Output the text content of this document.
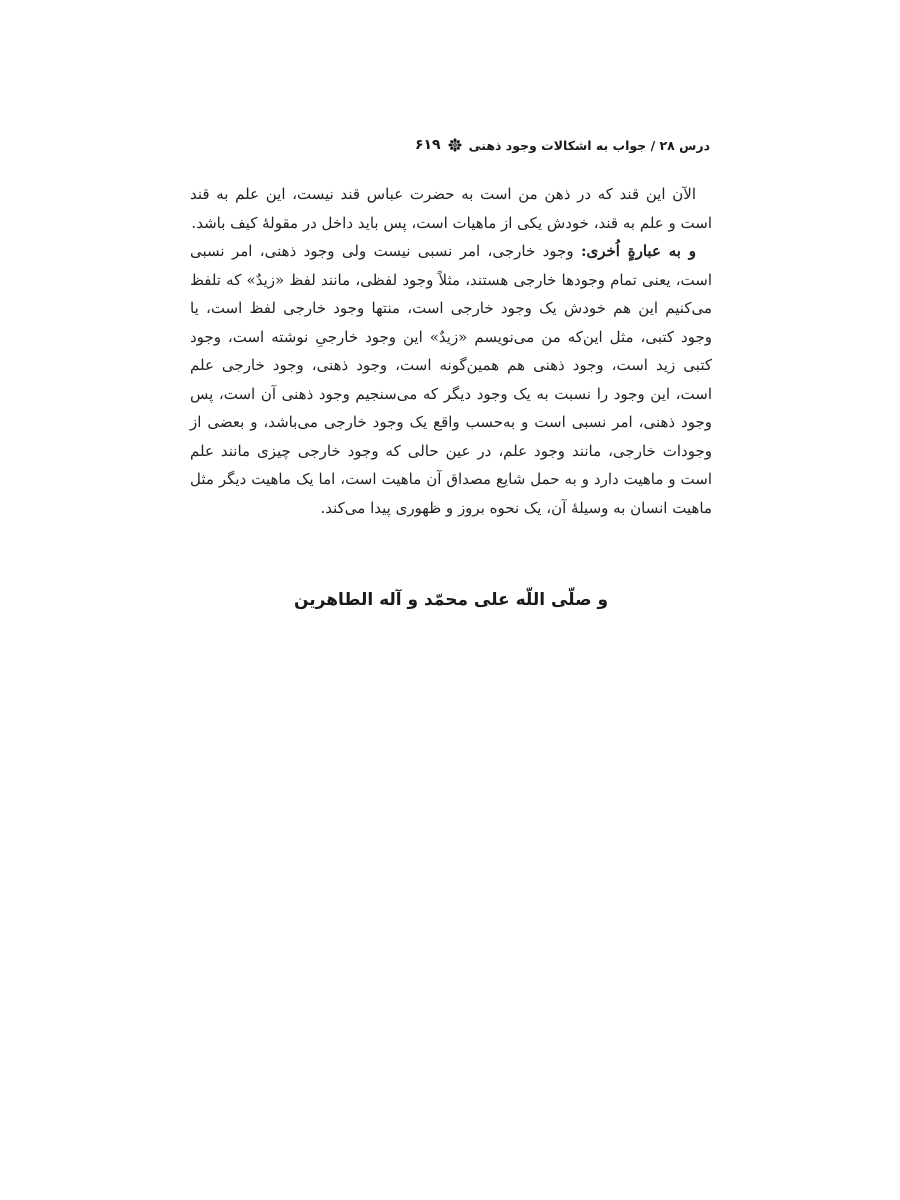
درس ۲۸ / جواب به اشکالات وجود ذهنی
۶۱۹

الآن این قند که در ذهن من است به حضرت عباس قند نیست، این علم به قند است و علم به قند، خودش یکی از ماهیات است، پس باید داخل در مقولهٔ کیف باشد.

و به عبارةٍ اُخری: وجود خارجی، امر نسبی نیست ولی وجود ذهنی، امر نسبی است، یعنی تمام وجودها خارجی هستند، مثلاً وجود لفظی، مانند لفظ «زیدٌ» که تلفظ می‌کنیم این هم خودش یک وجود خارجی است، منتها وجود خارجی لفظ است، یا وجود کتبی، مثل این‌که من می‌نویسم «زیدٌ» این وجود خارجیِ نوشته است، وجود کتبی زید است، وجود ذهنی هم همین‌گونه است، وجود ذهنی، وجود خارجی علم است، این وجود را نسبت به یک وجود دیگر که می‌سنجیم وجود ذهنی آن است، پس وجود ذهنی، امر نسبی است و به‌حسب واقع یک وجود خارجی می‌باشد، و بعضی از وجودات خارجی، مانند وجود علم، در عین حالی که وجود خارجی چیزی مانند علم است و ماهیت دارد و به حمل شایع مصداق آن ماهیت است، اما یک ماهیت دیگر مثل ماهیت انسان به وسیلهٔ آن، یک نحوه بروز و ظهوری پیدا می‌کند.

و صلّی اللّه علی محمّد و آله الطاهرین
